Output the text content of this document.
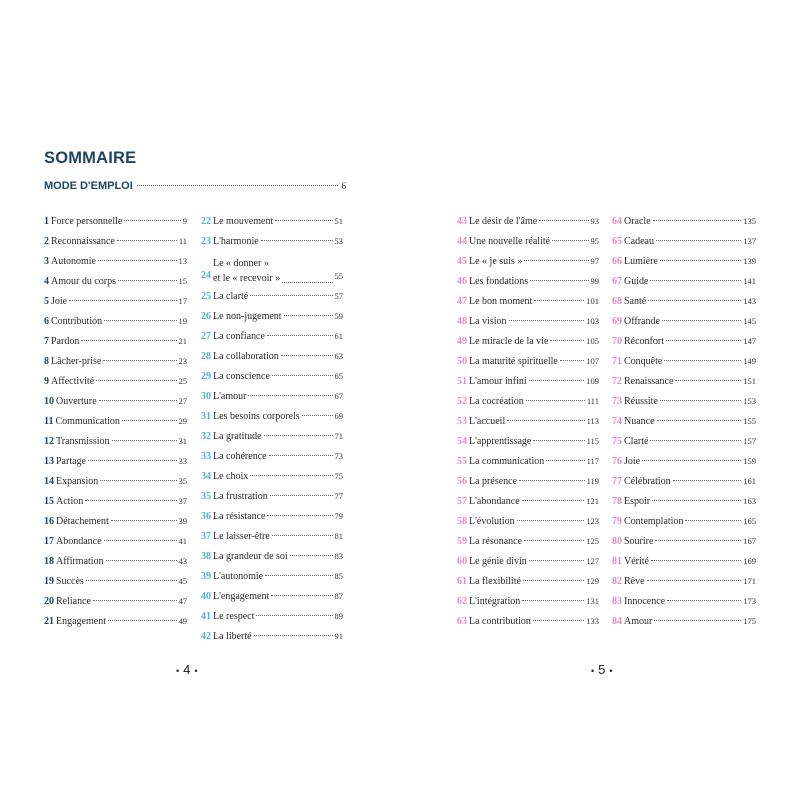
SOMMAIRE
MODE D'EMPLOI	6
1 Force personnelle	9
2 Reconnaissance	11
3 Autonomie	13
4 Amour du corps	15
5 Joie	17
6 Contribution	19
7 Pardon	21
8 Lâcher-prise	23
9 Affectivité	25
10 Ouverture	27
11 Communication	29
12 Transmission	31
13 Partage	33
14 Expansion	35
15 Action	37
16 Détachement	39
17 Abondance	41
18 Affirmation	43
19 Succès	45
20 Reliance	47
21 Engagement	49
22 Le mouvement	51
23 L'harmonie	53
24
Le « donner »
et le « recevoir »	55
25 La clarté	57
26 Le non-jugement	59
27 La confiance	61
28 La collaboration	63
29 La conscience	65
30 L'amour	67
31 Les besoins corporels	69
32 La gratitude	71
33 La cohérence	73
34 Le choix	75
35 La frustration	77
36 La résistance	79
37 Le laisser-être	81
38 La grandeur de soi	83
39 L'autonomie	85
40 L'engagement	87
41 Le respect	89
42 La liberté	91
43 Le désir de l'âme	93
44 Une nouvelle réalité	95
45 Le « je suis »	97
46 Les fondations	99
47 Le bon moment	101
48 La vision	103
49 Le miracle de la vie	105
50 La maturité spirituelle	107
51 L'amour infini	109
52 La cocréation	111
53 L'accueil	113
54 L'apprentissage	115
55 La communication	117
56 La présence	119
57 L'abondance	121
58 L'évolution	123
59 La résonance	125
60 Le génie divin	127
61 La flexibilité	129
62 L'intégration	131
63 La contribution	133
64 Oracle	135
65 Cadeau	137
66 Lumière	139
67 Guide	141
68 Santé	143
69 Offrande	145
70 Réconfort	147
71 Conquête	149
72 Renaissance	151
73 Réussite	153
74 Nuance	155
75 Clarté	157
76 Joie	159
77 Célébration	161
78 Espoir	163
79 Contemplation	165
80 Sourire	167
81 Vérité	169
82 Rêve	171
83 Innocence	173
84 Amour	175
• 4 •	• 5 •
